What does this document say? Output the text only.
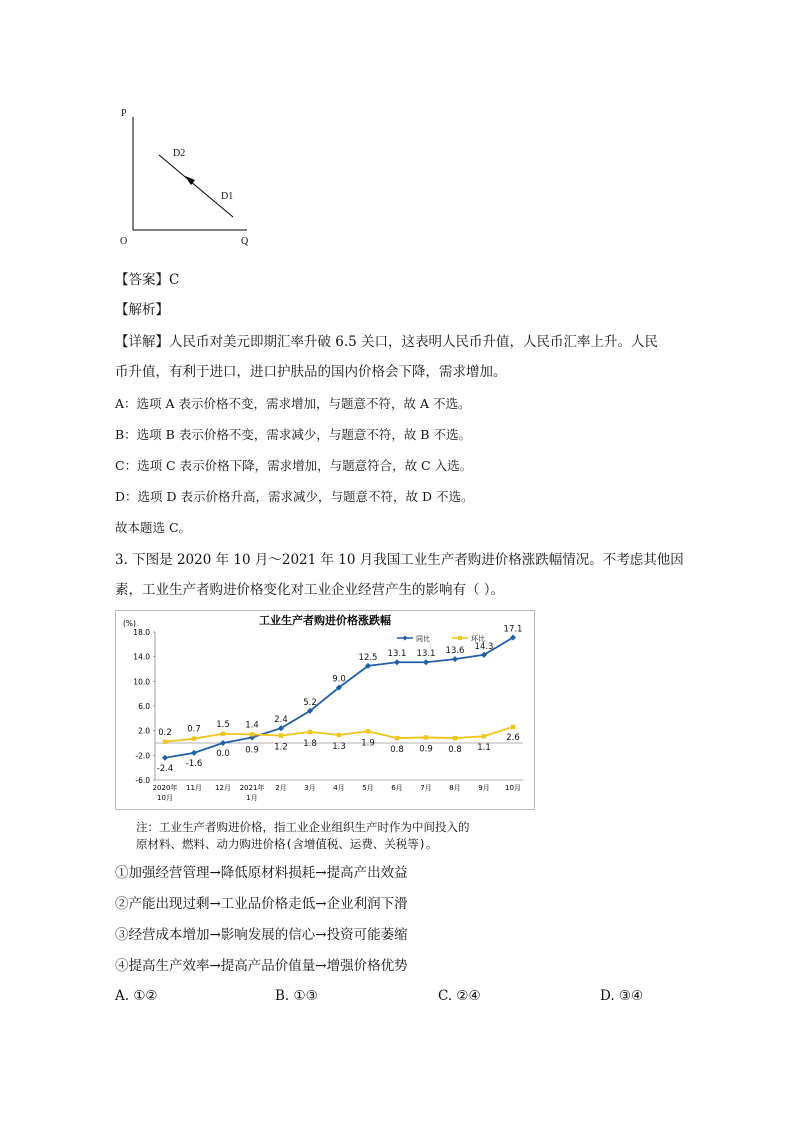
P
O	Q
D2
D1
【答案】C
【解析】
【详解】人民币对美元即期汇率升破 6.5 关口，这表明人民币升值，人民币汇率上升。人民
币升值，有利于进口，进口护肤品的国内价格会下降，需求增加。
A：选项 A 表示价格不变，需求增加，与题意不符，故 A 不选。
B：选项 B 表示价格不变，需求减少，与题意不符，故 B 不选。
C：选项 C 表示价格下降，需求增加，与题意符合，故 C 入选。
D：选项 D 表示价格升高，需求减少，与题意不符，故 D 不选。
故本题选 C。
3. 下图是 2020 年 10 月～2021 年 10 月我国工业生产者购进价格涨跌幅情况。不考虑其他因
素，工业生产者购进价格变化对工业企业经营产生的影响有（ ）。
工业生产者购进价格涨跌幅
(%)
18.0
14.0
10.0
6.0
2.0
-2.0
-6.0
2020年
10月
11月 12月 2021年
1月
2月	3月	4月	5月	6月	7月	8月	9月 10月
-2.4 -1.6
0.0 0.9
2.4
5.2
9.0
12.5 13.1 13.1 13.6 14.3
17.1
0.2 0.7 1.5 1.4
1.2 1.8 1.3 1.9
0.8 0.9 0.8 1.1
2.6
同比	环比
注：工业生产者购进价格，指工业企业组织生产时作为中间投入的
原材料、燃料、动力购进价格(含增值税、运费、关税等)。
①加强经营管理→降低原材料损耗→提高产出效益
②产能出现过剩→工业品价格走低→企业利润下滑
③经营成本增加→影响发展的信心→投资可能萎缩
④提高生产效率→提高产品价值量→增强价格优势
A. ①②	B. ①③	C. ②④	D. ③④
